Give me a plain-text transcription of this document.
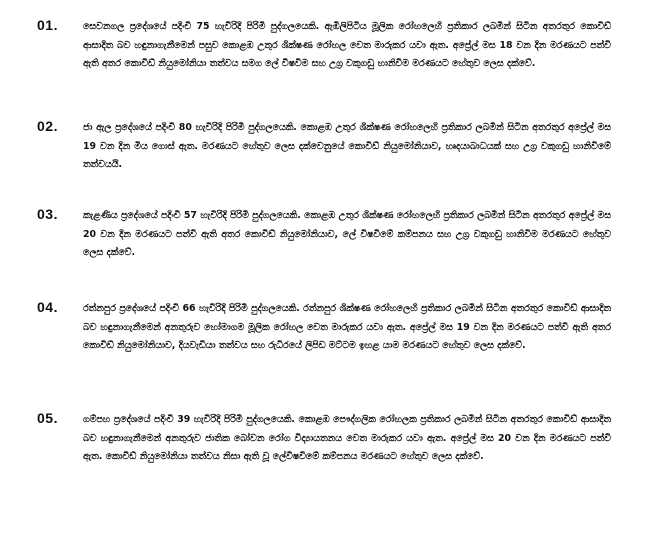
01.	සෙවනගල ප්‍රදේශයේ පදිංචි 75 හැවිරිදි පිරිමි පුද්ගලයෙකි. ඇඹිලිපිටිය මූලික රෝහලෙහි ප්‍රතිකාර ලබමින් සිටින අතරතුර කොවිඩ් ආසාදිත බව හඳුනාගැනීමෙන් පසුව කොළඹ උතුර ශික්ෂණ රෝහල වෙත මාරුකර යවා ඇත. අප්‍රේල් මස 18 වන දින මරණයට පත්වී ඇති අතර කොවිඩ් නියුමෝනියා තත්වය සමග ලේ විෂවීම සහ උග්‍ර වකුගඩු හානිවීම මරණයට හේතුව ලෙස දක්වේ.
02.	ජා ඇල ප්‍රදේශයේ පදිංචි 80 හැවිරිදි පිරිමි පුද්ගලයෙකි. කොළඹ උතුර ශික්ෂණ රෝහලෙහි ප්‍රතිකාර ලබමින් සිටින අතරතුර අප්‍රේල් මස 19 වන දින මිය ගොස් ඇත. මරණයට හේතුව ලෙස දක්වෙනුයේ කොවිඩ් නියුමෝනියාව, හෘදයාබාධයක් සහ උග්‍ර වකුගඩු හානිවීමේ තත්වයයි.
03.	කැළණිය ප්‍රදේශයේ පදිංචි 57 හැවිරිදි පිරිමි පුද්ගලයෙකි. කොළඹ උතුර ශික්ෂණ රෝහලෙහි ප්‍රතිකාර ලබමින් සිටින අතරතුර අප්‍රේල් මස 20 වන දින මරණයට පත්වී ඇති අතර කොවිඩ් නියුමෝනියාව, ලේ විෂවීමේ කම්පනය සහ උග්‍ර වකුගඩු හානිවීම මරණයට හේතුව ලෙස දක්වේ.
04.	රත්නපුර ප්‍රදේශයේ පදිංචි 66 හැවිරිදි පිරිමි පුද්ගලයෙකි. රත්නපුර ශික්ෂණ රෝහලෙහි ප්‍රතිකාර ලබමින් සිටින අතරතුර කොවිඩ් ආසාදිත බව හඳුනාගැනීමෙන් අනතුරුව හෝමාගම මූලික රෝහල වෙත මාරුකර යවා ඇත. අප්‍රේල් මස 19 වන දින මරණයට පත්වී ඇති අතර කොවිඩ් නියුමෝනියාව, දියවැඩියා තත්වය සහ රුධිරයේ ලිපිඩ මට්ටම ඉහළ යාම මරණයට හේතුව ලෙස දක්වේ.
05.	ගම්පහ ප්‍රදේශයේ පදිංචි 39 හැවිරිදි පිරිමි පුද්ගලයෙකි. කොළඹ පෞද්ගලික රෝහලක ප්‍රතිකාර ලබමින් සිටින අතරතුර කොවිඩ් ආසාදිත බව හඳුනාගැනීමෙන් අනතුරුව ජාතික බෝවන රෝග විද්‍යායතනය වෙත මාරුකර යවා ඇත. අප්‍රේල් මස 20 වන දින මරණයට පත්වී ඇත. කොවිඩ් නියුමෝනියා තත්වය නිසා ඇති වූ ලේවිෂවීමේ කම්පනය මරණයට හේතුව ලෙස දක්වේ.
